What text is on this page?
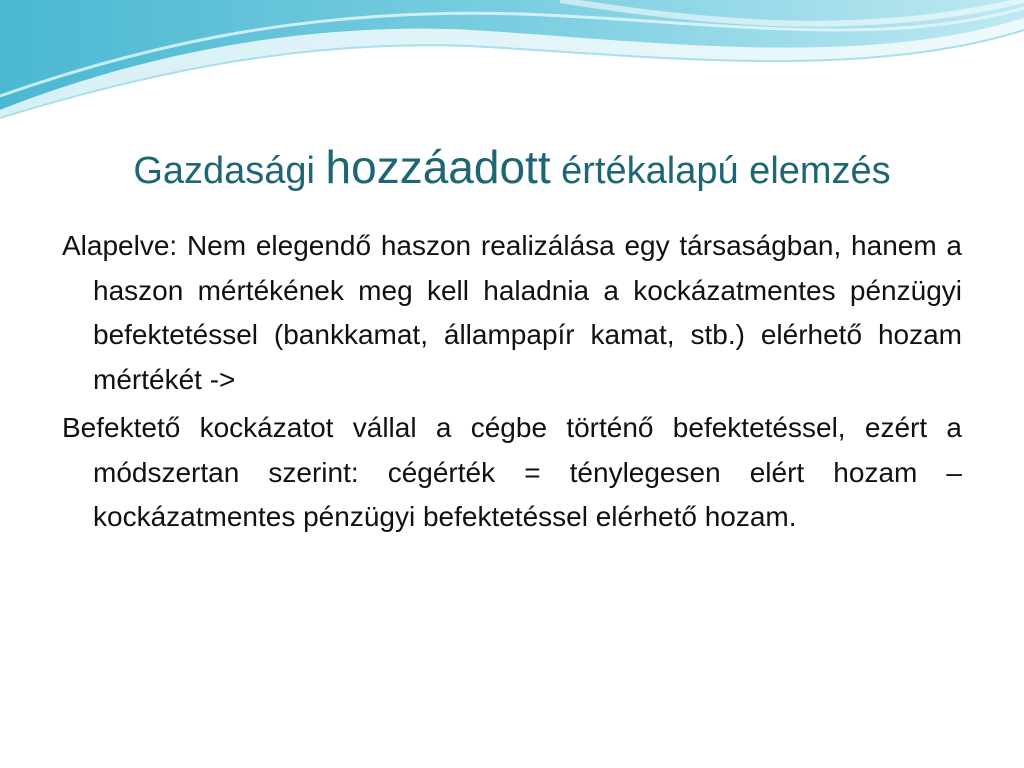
Gazdasági hozzáadott értékalapú elemzés

Alapelve: Nem elegendő haszon realizálása egy társaságban, hanem a haszon mértékének meg kell haladnia a kockázatmentes pénzügyi befektetéssel (bankkamat, állampapír kamat, stb.) elérhető hozam mértékét ->

Befektető kockázatot vállal a cégbe történő befektetéssel, ezért a módszertan szerint: cégérték = ténylegesen elért hozam – kockázatmentes pénzügyi befektetéssel elérhető hozam.
